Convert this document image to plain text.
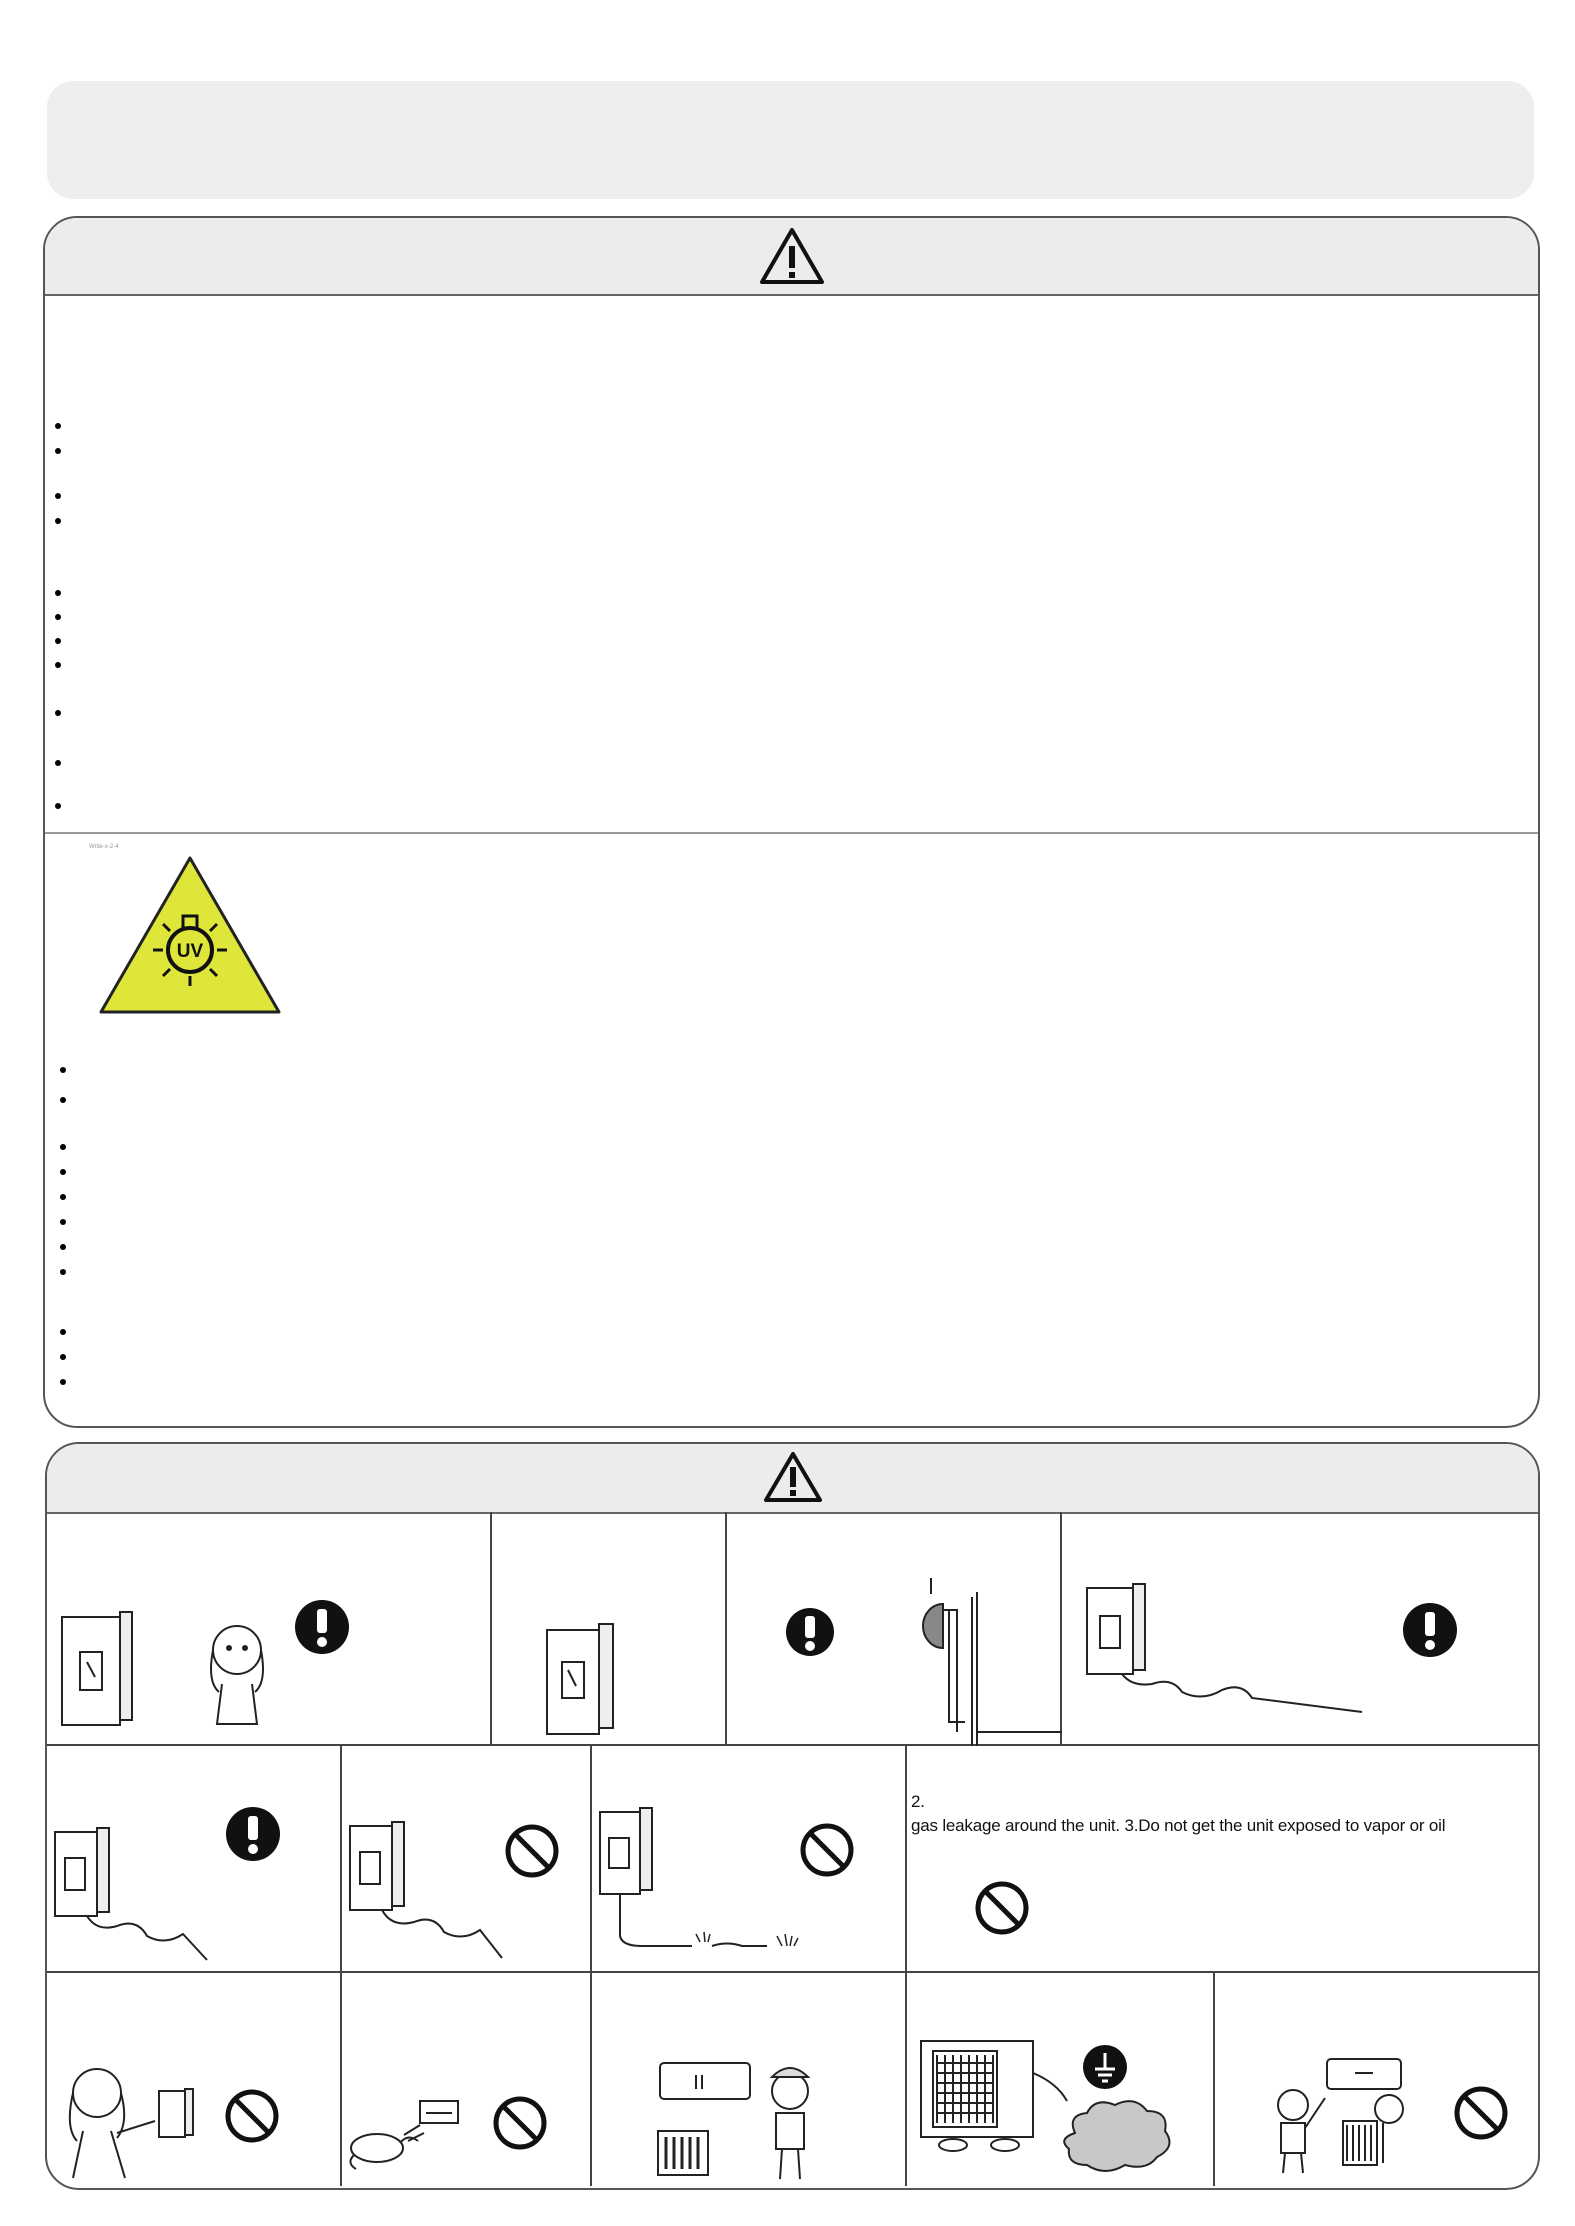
Write-x-2-4
UV
2.
gas leakage around the unit. 3.Do not get the unit exposed to vapor or oil
